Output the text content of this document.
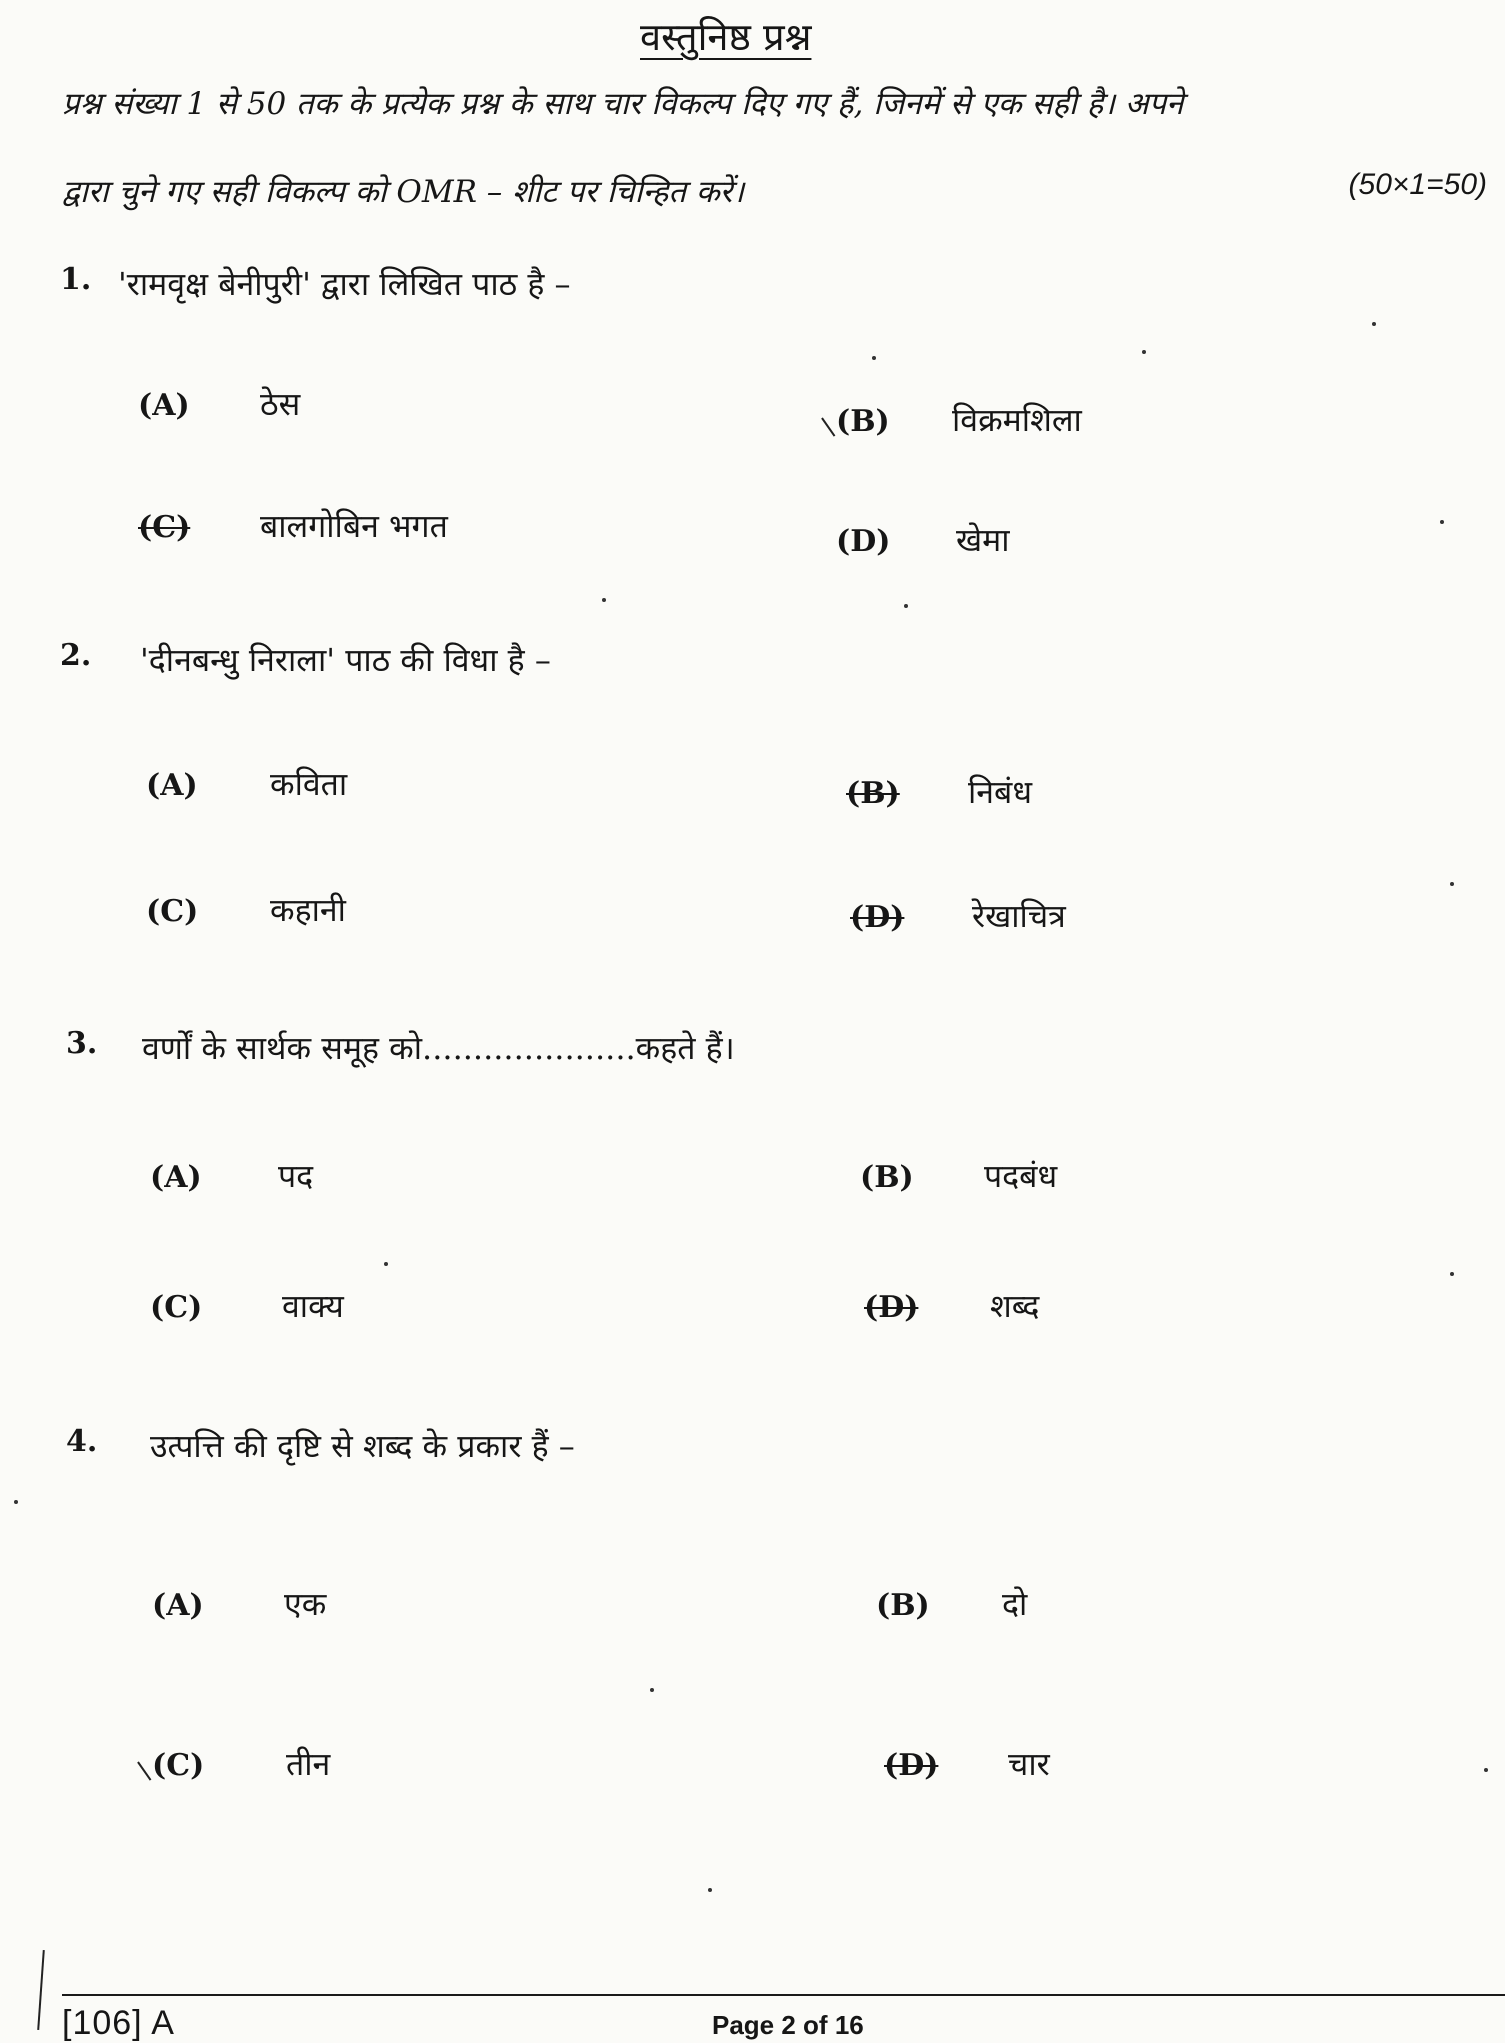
वस्तुनिष्ठ प्रश्न
प्रश्न संख्या 1 से 50 तक के प्रत्येक प्रश्न के साथ चार विकल्प दिए गए हैं, जिनमें से एक सही है। अपने
द्वारा चुने गए सही विकल्प को OMR – शीट पर चिन्हित करें।	(50×1=50)
1. 'रामवृक्ष बेनीपुरी' द्वारा लिखित पाठ है –
(A) ठेस	(B) विक्रमशिला
(C) बालगोबिन भगत	(D) खेमा
2. 'दीनबन्धु निराला' पाठ की विधा है –
(A) कविता	(B) निबंध
(C) कहानी	(D) रेखाचित्र
3. वर्णों के सार्थक समूह को.....................कहते हैं।
(A) पद	(B) पदबंध
(C) वाक्य	(D) शब्द
4. उत्पत्ति की दृष्टि से शब्द के प्रकार हैं –
(A)	एक	(B) दो
(C)	तीन	(D) चार
[106] A	Page 2 of 16
